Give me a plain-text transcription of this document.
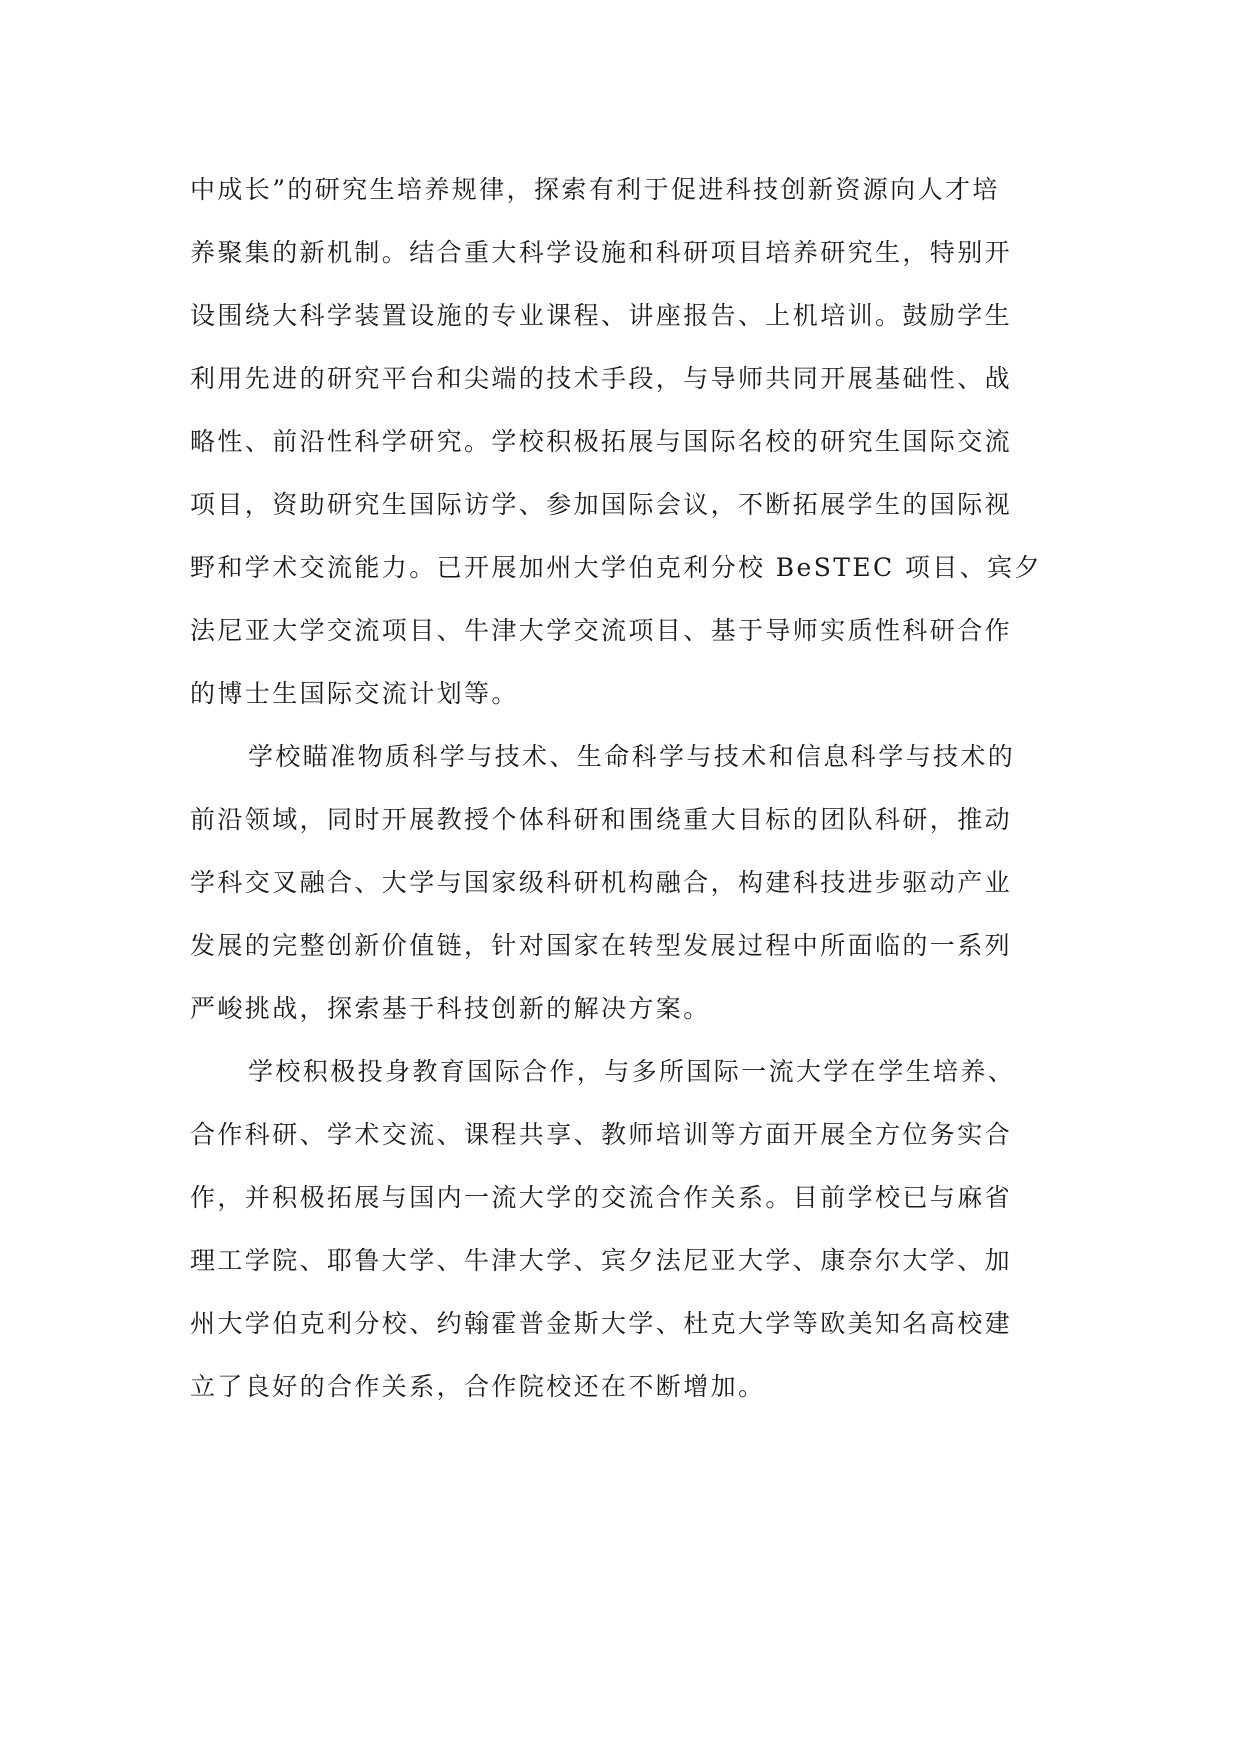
中成长”的研究生培养规律，探索有利于促进科技创新资源向人才培
养聚集的新机制。结合重大科学设施和科研项目培养研究生，特别开
设围绕大科学装置设施的专业课程、讲座报告、上机培训。鼓励学生
利用先进的研究平台和尖端的技术手段，与导师共同开展基础性、战
略性、前沿性科学研究。学校积极拓展与国际名校的研究生国际交流
项目，资助研究生国际访学、参加国际会议，不断拓展学生的国际视
野和学术交流能力。已开展加州大学伯克利分校 BeSTEC 项目、宾夕
法尼亚大学交流项目、牛津大学交流项目、基于导师实质性科研合作
的博士生国际交流计划等。
学校瞄准物质科学与技术、生命科学与技术和信息科学与技术的
前沿领域，同时开展教授个体科研和围绕重大目标的团队科研，推动
学科交叉融合、大学与国家级科研机构融合，构建科技进步驱动产业
发展的完整创新价值链，针对国家在转型发展过程中所面临的一系列
严峻挑战，探索基于科技创新的解决方案。
学校积极投身教育国际合作，与多所国际一流大学在学生培养、
合作科研、学术交流、课程共享、教师培训等方面开展全方位务实合
作，并积极拓展与国内一流大学的交流合作关系。目前学校已与麻省
理工学院、耶鲁大学、牛津大学、宾夕法尼亚大学、康奈尔大学、加
州大学伯克利分校、约翰霍普金斯大学、杜克大学等欧美知名高校建
立了良好的合作关系，合作院校还在不断增加。
